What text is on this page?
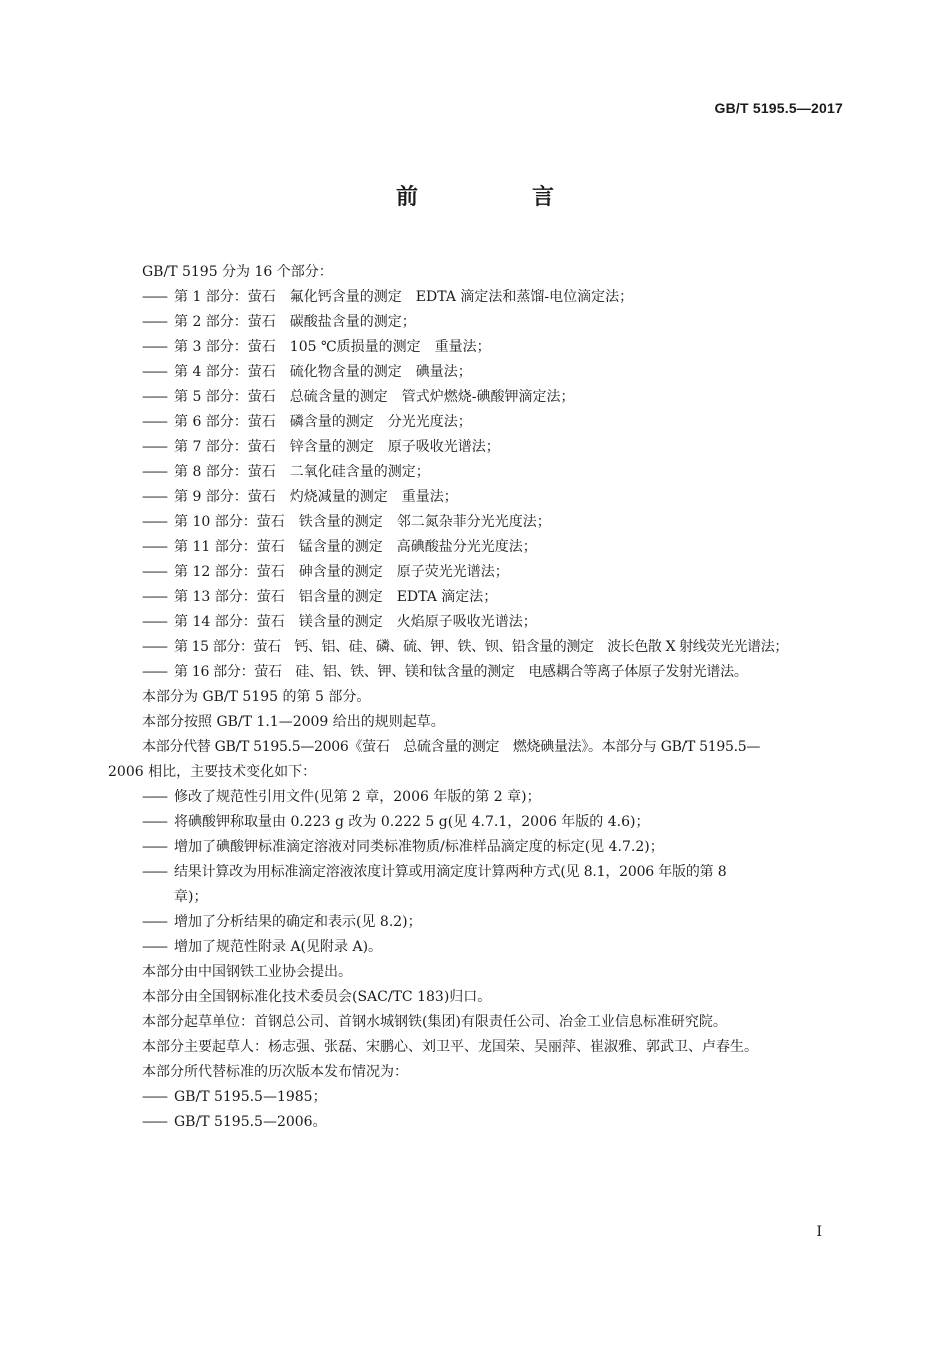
GB/T 5195.5—2017
前　言
GB/T 5195 分为 16 个部分：
—— 第 1 部分：萤石　氟化钙含量的测定　EDTA 滴定法和蒸馏-电位滴定法；
—— 第 2 部分：萤石　碳酸盐含量的测定；
—— 第 3 部分：萤石　105 ℃质损量的测定　重量法；
—— 第 4 部分：萤石　硫化物含量的测定　碘量法；
—— 第 5 部分：萤石　总硫含量的测定　管式炉燃烧-碘酸钾滴定法；
—— 第 6 部分：萤石　磷含量的测定　分光光度法；
—— 第 7 部分：萤石　锌含量的测定　原子吸收光谱法；
—— 第 8 部分：萤石　二氧化硅含量的测定；
—— 第 9 部分：萤石　灼烧减量的测定　重量法；
—— 第 10 部分：萤石　铁含量的测定　邻二氮杂菲分光光度法；
—— 第 11 部分：萤石　锰含量的测定　高碘酸盐分光光度法；
—— 第 12 部分：萤石　砷含量的测定　原子荧光光谱法；
—— 第 13 部分：萤石　铝含量的测定　EDTA 滴定法；
—— 第 14 部分：萤石　镁含量的测定　火焰原子吸收光谱法；
—— 第 15 部分：萤石　钙、铝、硅、磷、硫、钾、铁、钡、铅含量的测定　波长色散 X 射线荧光光谱法；
—— 第 16 部分：萤石　硅、铝、铁、钾、镁和钛含量的测定　电感耦合等离子体原子发射光谱法。
本部分为 GB/T 5195 的第 5 部分。
本部分按照 GB/T 1.1—2009 给出的规则起草。
本部分代替 GB/T 5195.5—2006《萤石　总硫含量的测定　燃烧碘量法》。本部分与 GB/T 5195.5—
2006 相比，主要技术变化如下：
—— 修改了规范性引用文件(见第 2 章，2006 年版的第 2 章)；
—— 将碘酸钾称取量由 0.223 g 改为 0.222 5 g(见 4.7.1，2006 年版的 4.6)；
—— 增加了碘酸钾标准滴定溶液对同类标准物质/标准样品滴定度的标定(见 4.7.2)；
—— 结果计算改为用标准滴定溶液浓度计算或用滴定度计算两种方式(见 8.1，2006 年版的第 8
章)；
—— 增加了分析结果的确定和表示(见 8.2)；
—— 增加了规范性附录 A(见附录 A)。
本部分由中国钢铁工业协会提出。
本部分由全国钢标准化技术委员会(SAC/TC 183)归口。
本部分起草单位：首钢总公司、首钢水城钢铁(集团)有限责任公司、冶金工业信息标准研究院。
本部分主要起草人：杨志强、张磊、宋鹏心、刘卫平、龙国荣、吴丽萍、崔淑雅、郭武卫、卢春生。
本部分所代替标准的历次版本发布情况为：
—— GB/T 5195.5—1985；
—— GB/T 5195.5—2006。
I
